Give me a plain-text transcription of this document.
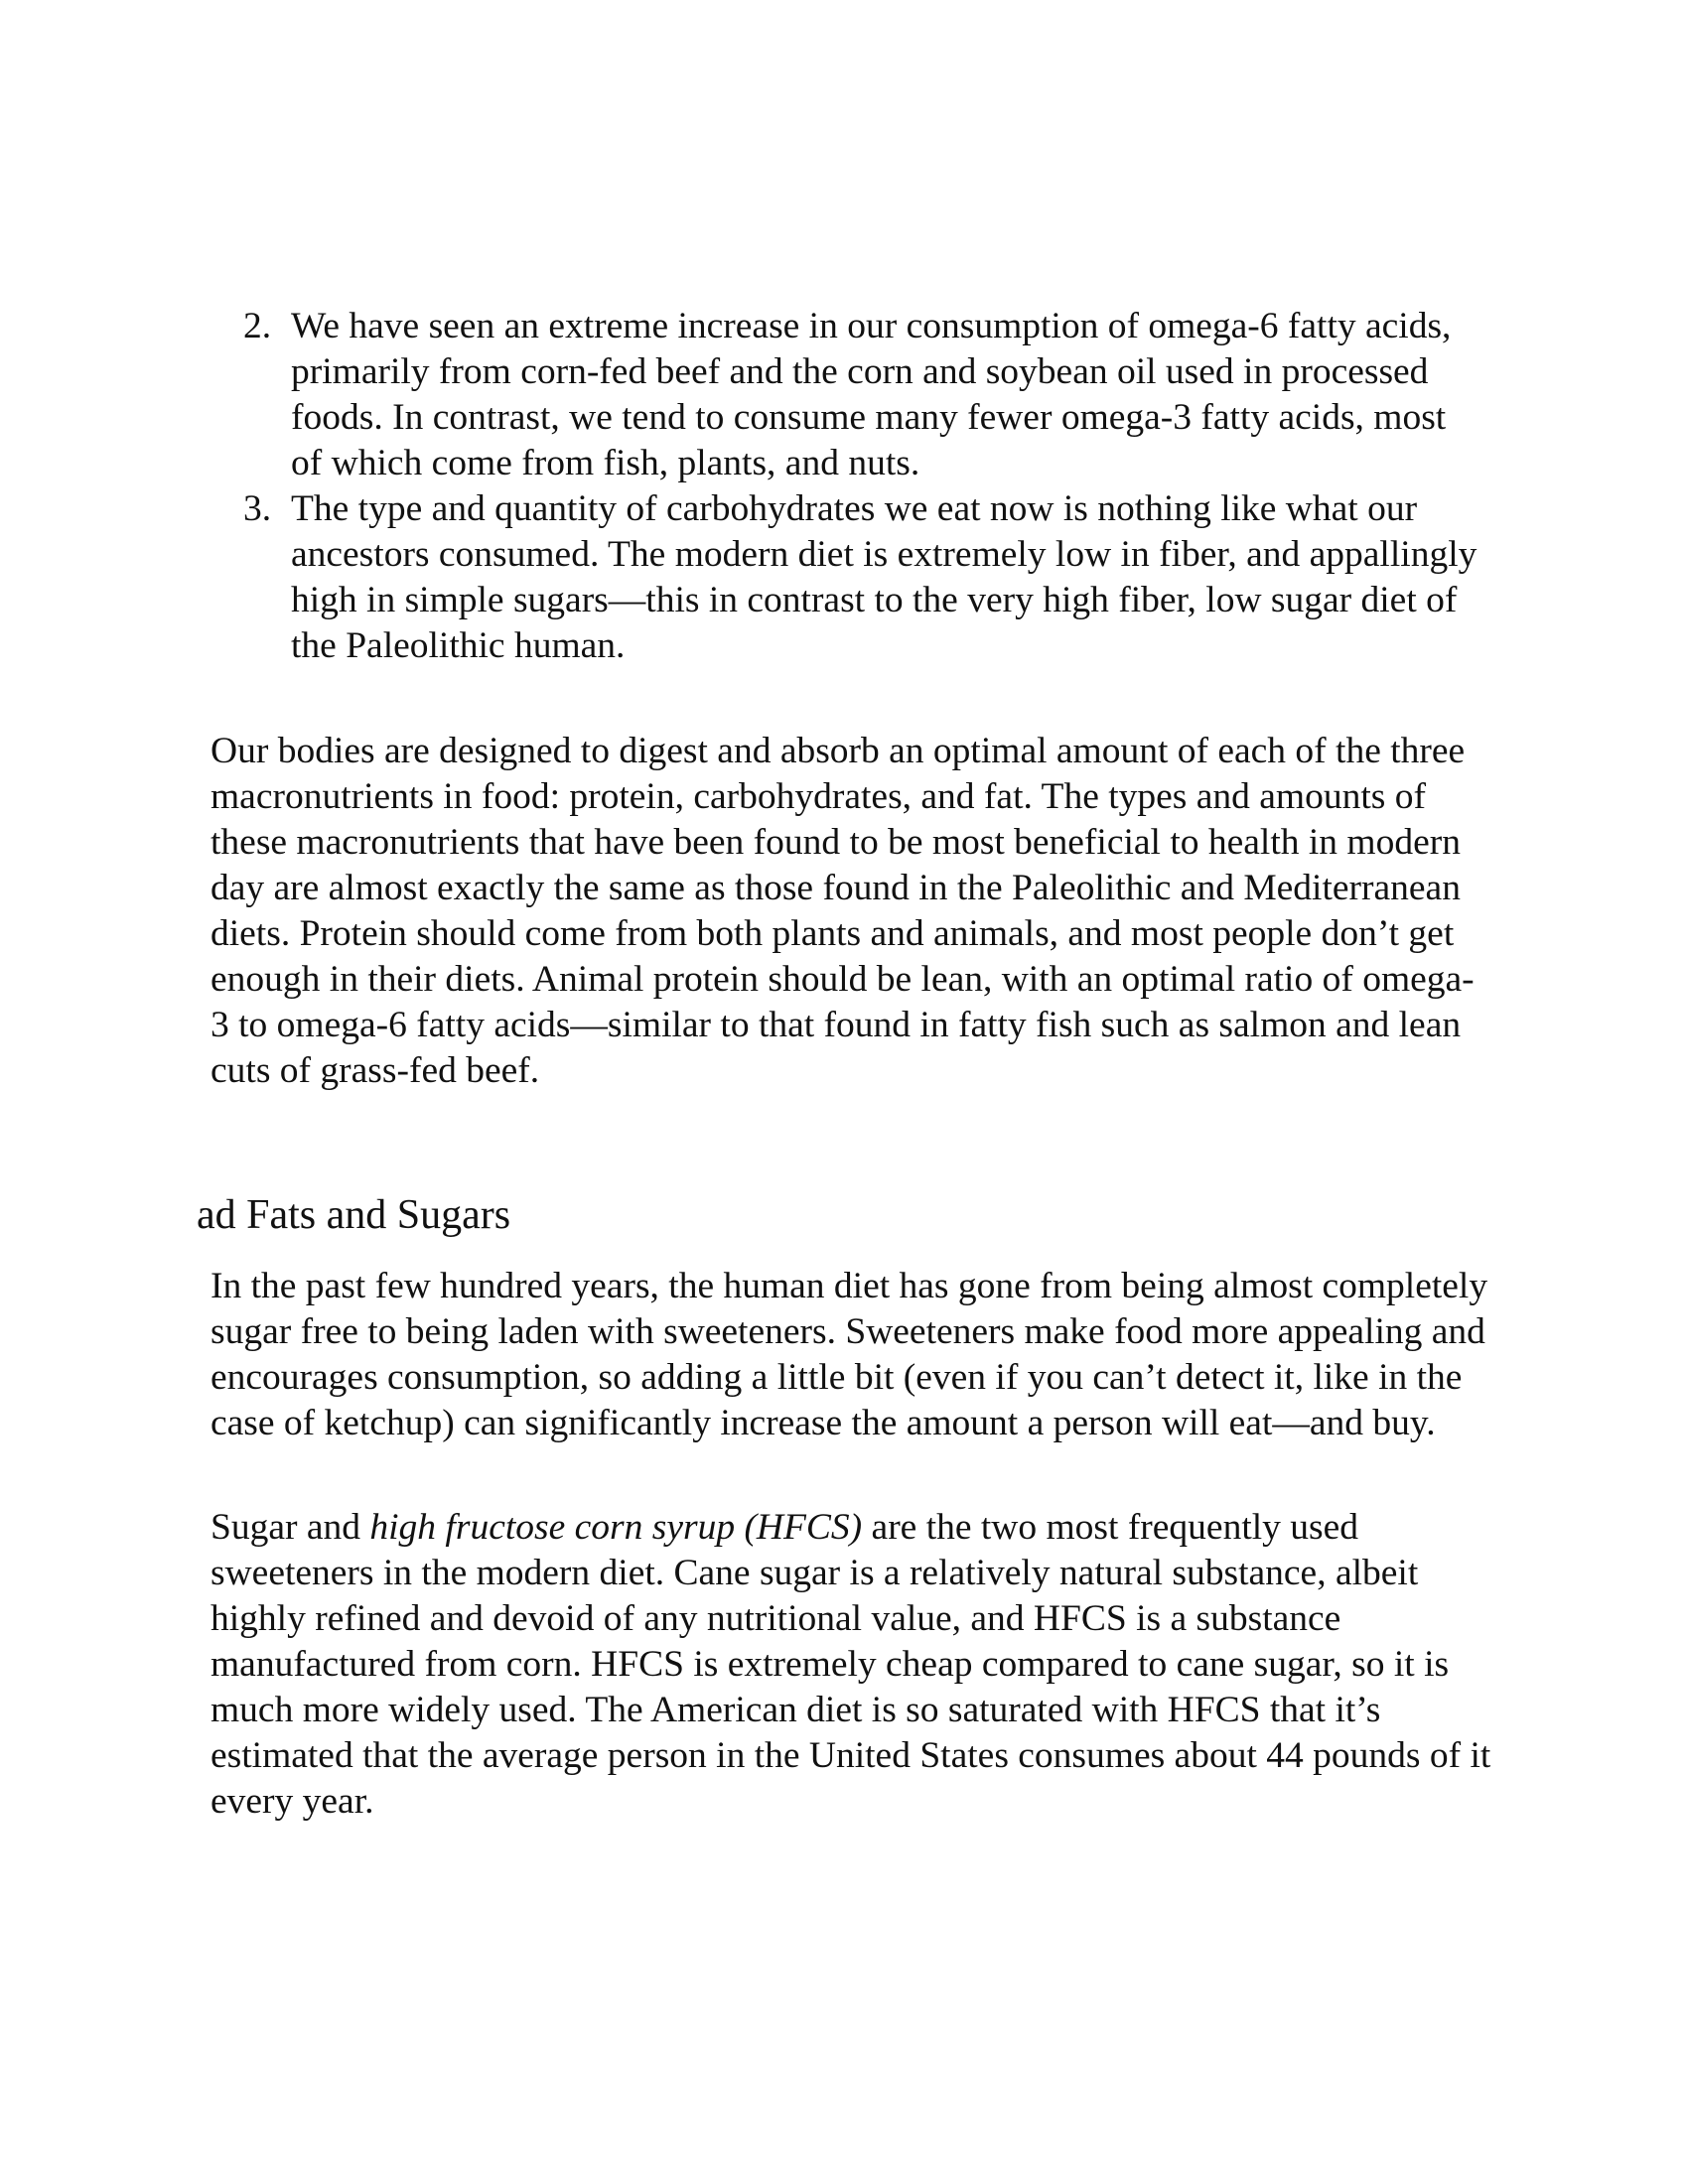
2. We have seen an extreme increase in our consumption of omega-6 fatty acids, primarily from corn-fed beef and the corn and soybean oil used in processed foods. In contrast, we tend to consume many fewer omega-3 fatty acids, most of which come from fish, plants, and nuts.
3. The type and quantity of carbohydrates we eat now is nothing like what our ancestors consumed. The modern diet is extremely low in fiber, and appallingly high in simple sugars—this in contrast to the very high fiber, low sugar diet of the Paleolithic human.

Our bodies are designed to digest and absorb an optimal amount of each of the three macronutrients in food: protein, carbohydrates, and fat. The types and amounts of these macronutrients that have been found to be most beneficial to health in modern day are almost exactly the same as those found in the Paleolithic and Mediterranean diets. Protein should come from both plants and animals, and most people don’t get enough in their diets. Animal protein should be lean, with an optimal ratio of omega-3 to omega-6 fatty acids—similar to that found in fatty fish such as salmon and lean cuts of grass-fed beef.

ad Fats and Sugars

In the past few hundred years, the human diet has gone from being almost completely sugar free to being laden with sweeteners. Sweeteners make food more appealing and encourages consumption, so adding a little bit (even if you can’t detect it, like in the case of ketchup) can significantly increase the amount a person will eat—and buy.

Sugar and high fructose corn syrup (HFCS) are the two most frequently used sweeteners in the modern diet. Cane sugar is a relatively natural substance, albeit highly refined and devoid of any nutritional value, and HFCS is a substance manufactured from corn. HFCS is extremely cheap compared to cane sugar, so it is much more widely used. The American diet is so saturated with HFCS that it’s estimated that the average person in the United States consumes about 44 pounds of it every year.
